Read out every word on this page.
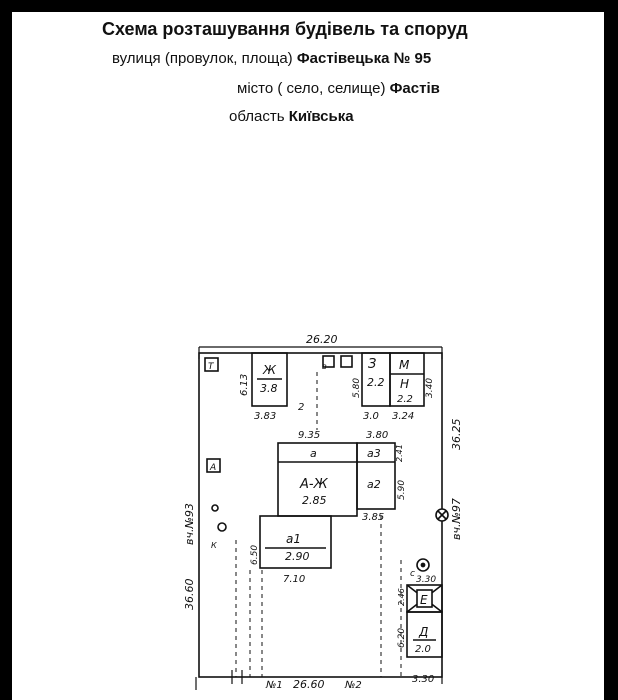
Схема розташування будівель та споруд
вулиця (провулок, площа) Фастівецька № 95
місто ( село, селище) Фастів
область Київська
26.20
Т	Ж
3.8
6.13
3.83
З
2.2
М
Н
2.2
5.80	3.40
3.0 3.24
36.25
вч.№97
2
9.35	3.80
2.41
а	а3
а2
А-Ж
2.85
5.90
3.85
А
вч.№93
36.60
К	6.50
а1
2.90
7.10	с
3.30
2.46 Е
Д
2.0
6.20
№1 26.60 №2
3.30
в
